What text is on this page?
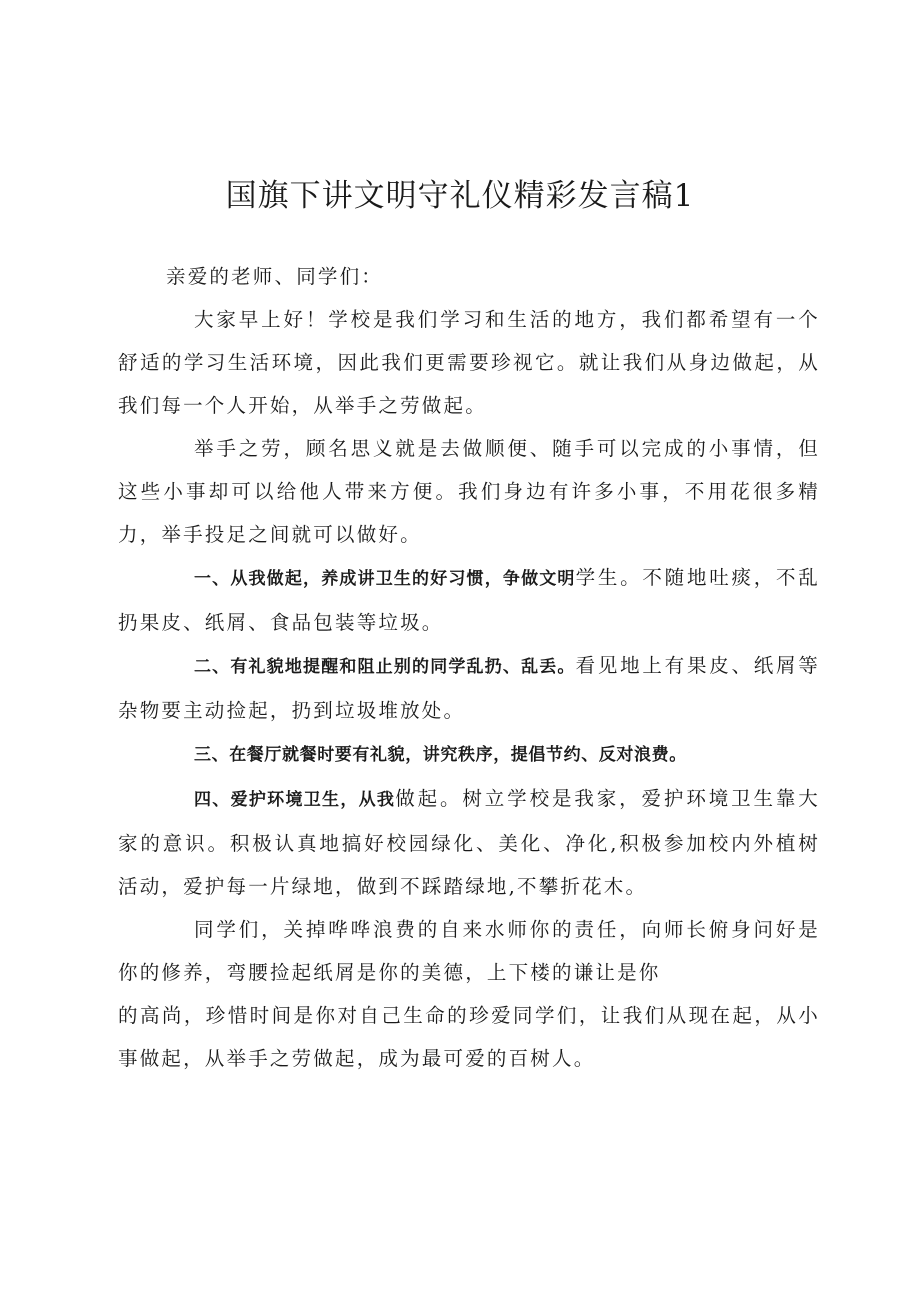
国旗下讲文明守礼仪精彩发言稿1

亲爱的老师、同学们：

大家早上好！学校是我们学习和生活的地方，我们都希望有一个舒适的学习生活环境，因此我们更需要珍视它。就让我们从身边做起，从我们每一个人开始，从举手之劳做起。

举手之劳，顾名思义就是去做顺便、随手可以完成的小事情，但这些小事却可以给他人带来方便。我们身边有许多小事，不用花很多精力，举手投足之间就可以做好。

一、从我做起，养成讲卫生的好习惯，争做文明学生。不随地吐痰，不乱扔果皮、纸屑、食品包装等垃圾。

二、有礼貌地提醒和阻止别的同学乱扔、乱丢。看见地上有果皮、纸屑等杂物要主动捡起，扔到垃圾堆放处。

三、在餐厅就餐时要有礼貌，讲究秩序，提倡节约、反对浪费。

四、爱护环境卫生，从我做起。树立学校是我家，爱护环境卫生靠大家的意识。积极认真地搞好校园绿化、美化、净化,积极参加校内外植树活动，爱护每一片绿地，做到不踩踏绿地,不攀折花木。

同学们，关掉哗哗浪费的自来水师你的责任，向师长俯身问好是你的修养，弯腰捡起纸屑是你的美德，上下楼的谦让是你

的高尚，珍惜时间是你对自己生命的珍爱同学们，让我们从现在起，从小事做起，从举手之劳做起，成为最可爱的百树人。
